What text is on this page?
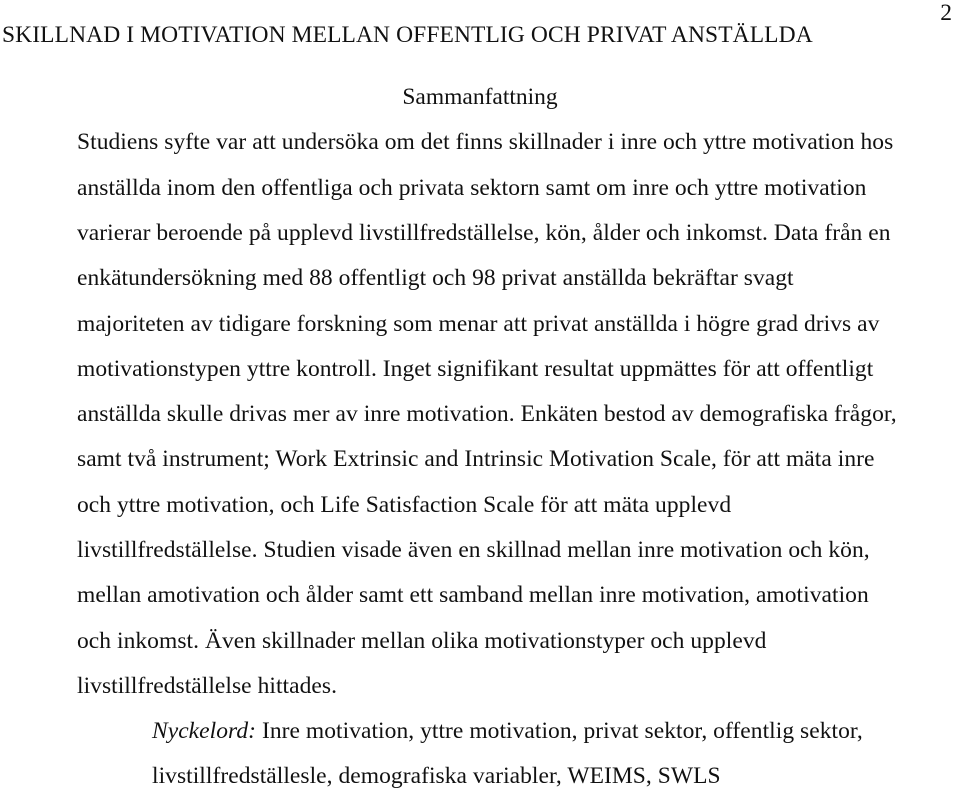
SKILLNAD I MOTIVATION MELLAN OFFENTLIG OCH PRIVAT ANSTÄLLDA
2
Sammanfattning
Studiens syfte var att undersöka om det finns skillnader i inre och yttre motivation hos
anställda inom den offentliga och privata sektorn samt om inre och yttre motivation
varierar beroende på upplevd livstillfredställelse, kön, ålder och inkomst. Data från en
enkätundersökning med 88 offentligt och 98 privat anställda bekräftar svagt
majoriteten av tidigare forskning som menar att privat anställda i högre grad drivs av
motivationstypen yttre kontroll. Inget signifikant resultat uppmättes för att offentligt
anställda skulle drivas mer av inre motivation. Enkäten bestod av demografiska frågor,
samt två instrument; Work Extrinsic and Intrinsic Motivation Scale, för att mäta inre
och yttre motivation, och Life Satisfaction Scale för att mäta upplevd
livstillfredställelse. Studien visade även en skillnad mellan inre motivation och kön,
mellan amotivation och ålder samt ett samband mellan inre motivation, amotivation
och inkomst. Även skillnader mellan olika motivationstyper och upplevd
livstillfredställelse hittades.
Nyckelord: Inre motivation, yttre motivation, privat sektor, offentlig sektor,
livstillfredställesle, demografiska variabler, WEIMS, SWLS
